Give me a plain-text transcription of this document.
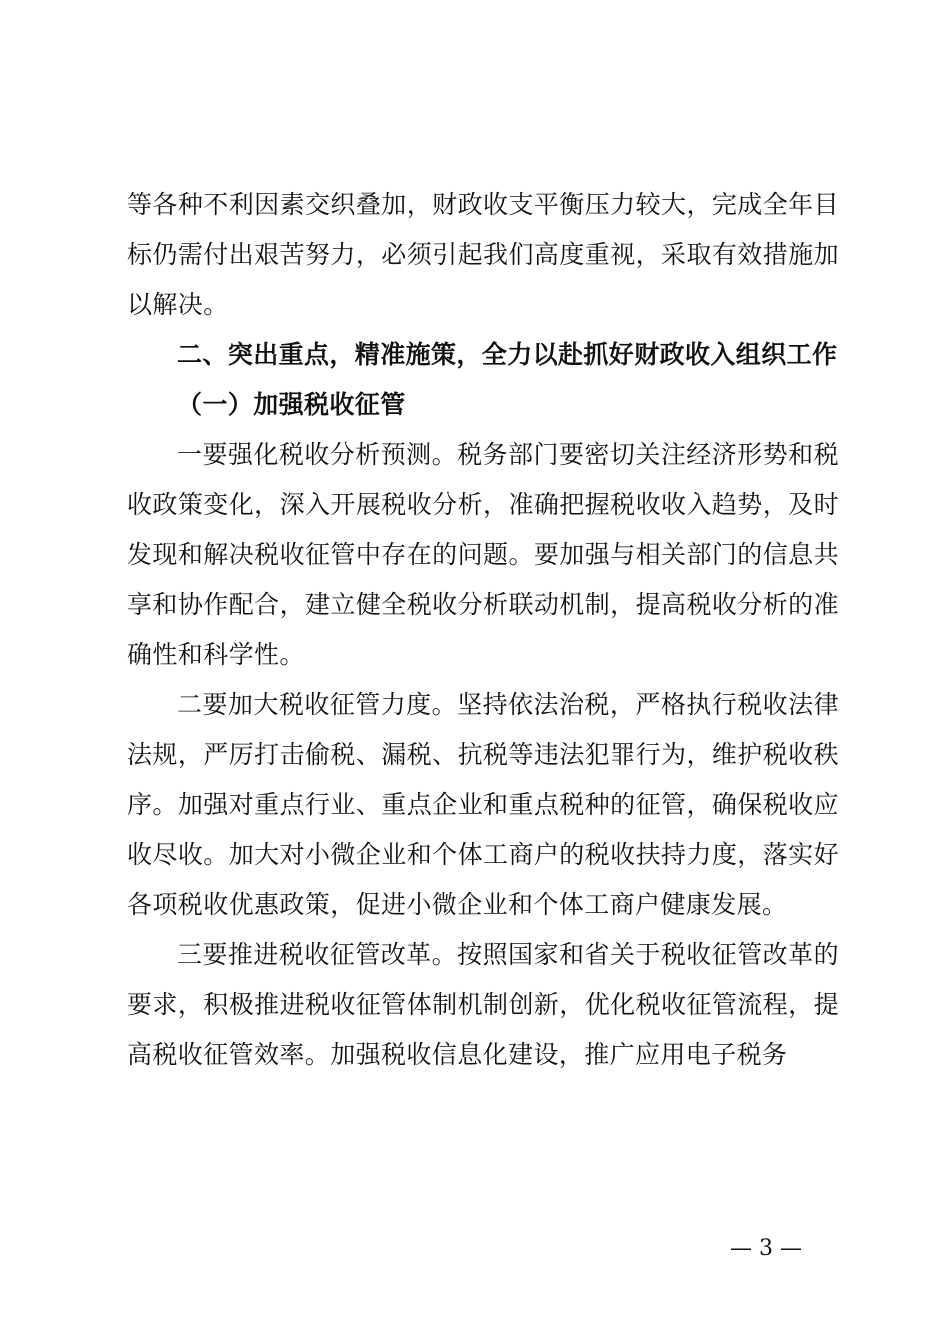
等各种不利因素交织叠加，财政收支平衡压力较大，完成全年目标仍需付出艰苦努力，必须引起我们高度重视，采取有效措施加以解决。

二、突出重点，精准施策，全力以赴抓好财政收入组织工作

（一）加强税收征管

一要强化税收分析预测。税务部门要密切关注经济形势和税收政策变化，深入开展税收分析，准确把握税收收入趋势，及时发现和解决税收征管中存在的问题。要加强与相关部门的信息共享和协作配合，建立健全税收分析联动机制，提高税收分析的准确性和科学性。

二要加大税收征管力度。坚持依法治税，严格执行税收法律法规，严厉打击偷税、漏税、抗税等违法犯罪行为，维护税收秩序。加强对重点行业、重点企业和重点税种的征管，确保税收应收尽收。加大对小微企业和个体工商户的税收扶持力度，落实好各项税收优惠政策，促进小微企业和个体工商户健康发展。

三要推进税收征管改革。按照国家和省关于税收征管改革的要求，积极推进税收征管体制机制创新，优化税收征管流程，提高税收征管效率。加强税收信息化建设，推广应用电子税务

— 3 —
